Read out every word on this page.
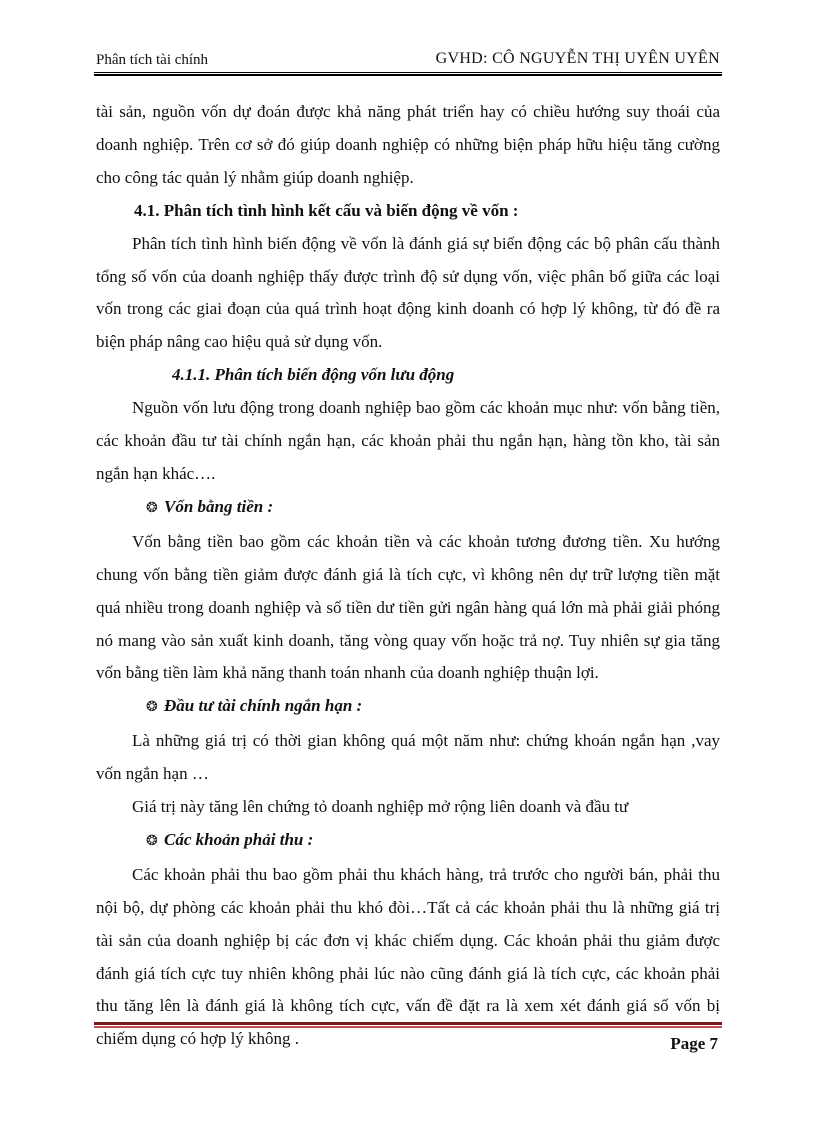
Phân tích tài chính	GVHD: CÔ NGUYỄN THỊ UYÊN UYÊN

tài sản, nguồn vốn dự đoán được khả năng phát triển hay có chiều hướng suy thoái của doanh nghiệp. Trên cơ sở đó giúp doanh nghiệp có những biện pháp hữu hiệu tăng cường cho công tác quản lý nhằm giúp doanh nghiệp.

4.1. Phân tích tình hình kết cấu và biến động về vốn :

Phân tích tình hình biến động về vốn là đánh giá sự biến động các bộ phân cấu thành tổng số vốn của doanh nghiệp thấy được trình độ sử dụng vốn, việc phân bố giữa các loại vốn trong các giai đoạn của quá trình hoạt động kinh doanh có hợp lý không, từ đó đề ra biện pháp nâng cao hiệu quả sử dụng vốn.

4.1.1. Phân tích biến động vốn lưu động

Nguồn vốn lưu động trong doanh nghiệp bao gồm các khoản mục như: vốn bằng tiền, các khoản đầu tư tài chính ngắn hạn, các khoản phải thu ngắn hạn, hàng tồn kho, tài sản ngắn hạn khác….

❂ Vốn bằng tiền :

Vốn bằng tiền bao gồm các khoản tiền và các khoản tương đương tiền. Xu hướng chung vốn bằng tiền giảm được đánh giá là tích cực, vì không nên dự trữ lượng tiền mặt quá nhiều trong doanh nghiệp và số tiền dư tiền gửi ngân hàng quá lớn mà phải giải phóng nó mang vào sản xuất kinh doanh, tăng vòng quay vốn hoặc trả nợ. Tuy nhiên sự gia tăng vốn bằng tiền làm khả năng thanh toán nhanh của doanh nghiệp thuận lợi.

❂ Đầu tư tài chính ngắn hạn :

Là những giá trị có thời gian không quá một năm như: chứng khoán ngắn hạn ,vay vốn ngắn hạn …

Giá trị này tăng lên chứng tỏ doanh nghiệp mở rộng liên doanh và đầu tư

❂ Các khoản phải thu :

Các khoản phải thu bao gồm phải thu khách hàng, trả trước cho người bán, phải thu nội bộ, dự phòng các khoản phải thu khó đòi…Tất cả các khoản phải thu là những giá trị tài sản của doanh nghiệp bị các đơn vị khác chiếm dụng. Các khoản phải thu giảm được đánh giá tích cực tuy nhiên không phải lúc nào cũng đánh giá là tích cực, các khoản phải thu tăng lên là đánh giá là không tích cực, vấn đề đặt ra là xem xét đánh giá số vốn bị chiếm dụng có hợp lý không .	Page 7
